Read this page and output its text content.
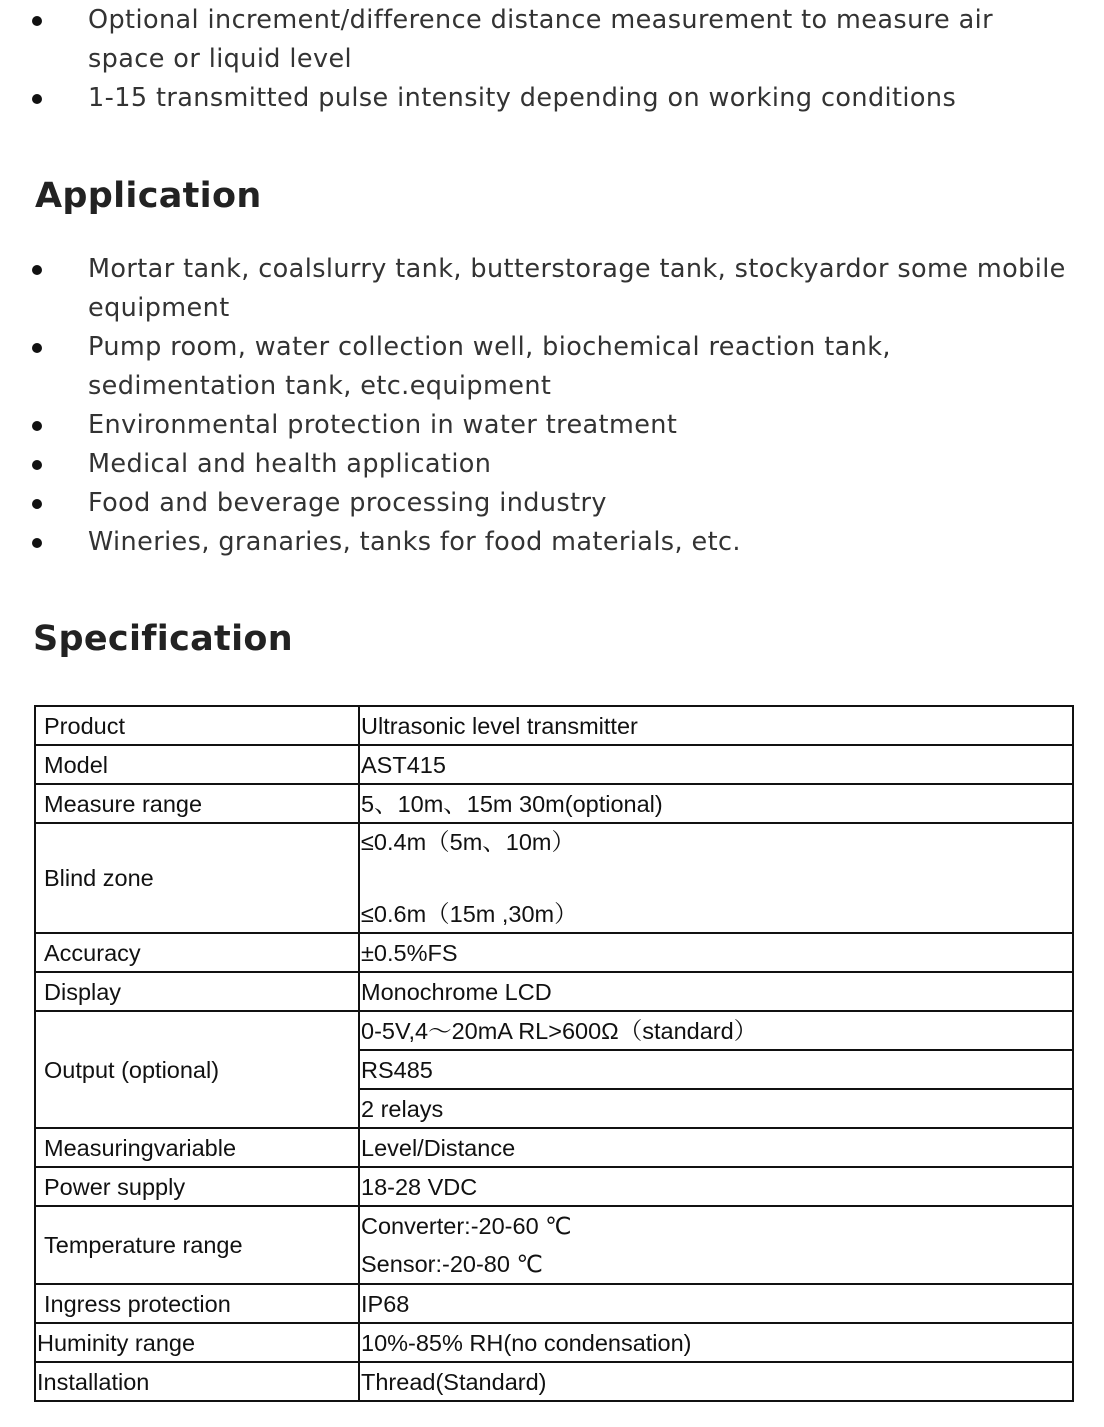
Optional increment/difference distance measurement to measure air space or liquid level
1-15 transmitted pulse intensity depending on working conditions
Application
Mortar tank, coalslurry tank, butterstorage tank, stockyardor some mobile equipment
Pump room, water collection well, biochemical reaction tank, sedimentation tank, etc.equipment
Environmental protection in water treatment
Medical and health application
Food and beverage processing industry
Wineries, granaries, tanks for food materials, etc.
Specification
Product	Ultrasonic level transmitter
Model	AST415
Measure range	5、10m、15m 30m(optional)
Blind zone	≤0.4m（5m、10m）
≤0.6m（15m ,30m）

Accuracy	±0.5%FS
Display	Monochrome LCD
Output (optional)	0-5V,4～20mA RL>600Ω（standard）
	RS485
	2 relays
Measuringvariable	Level/Distance
Power supply	18-28 VDC
Temperature range	Converter:-20-60 ℃
Sensor:-20-80 ℃

Ingress protection	IP68
Huminity range	10%-85% RH(no condensation)
Installation	Thread(Standard)
